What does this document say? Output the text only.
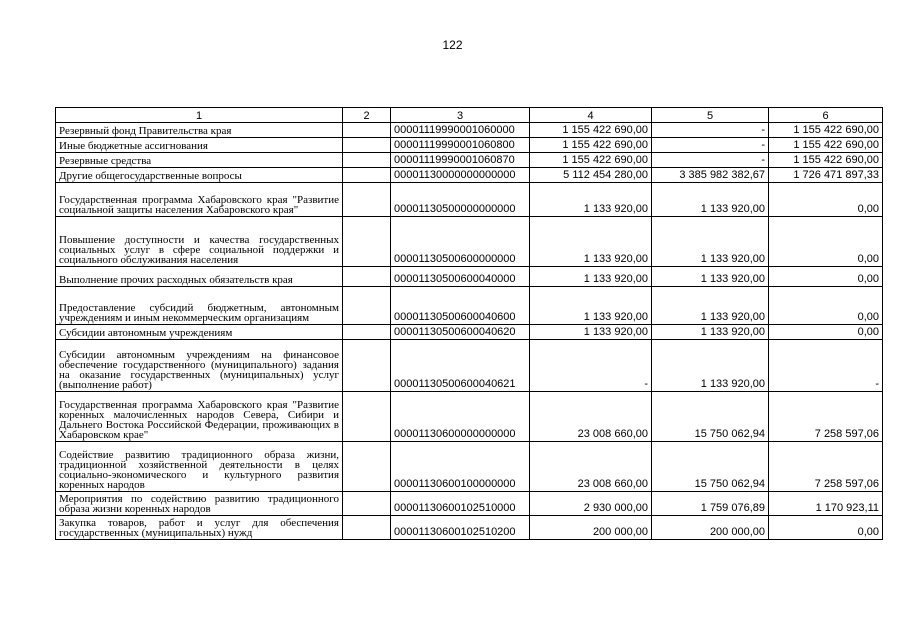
122
1	2	3	4	5	6
Резервный фонд Правительства края		00001119990001060000	1 155 422 690,00	-	1 155 422 690,00
Иные бюджетные ассигнования		00001119990001060800	1 155 422 690,00	-	1 155 422 690,00
Резервные средства		00001119990001060870	1 155 422 690,00	-	1 155 422 690,00
Другие общегосударственные вопросы		00001130000000000000	5 112 454 280,00	3 385 982 382,67	1 726 471 897,33
Государственная программа Хабаровского края "Развитие социальной защиты населения Хабаровского края"		00001130500000000000	1 133 920,00	1 133 920,00	0,00
Повышение доступности и качества государственных социальных услуг в сфере социальной поддержки и социального обслуживания населения		00001130500600000000	1 133 920,00	1 133 920,00	0,00
Выполнение прочих расходных обязательств края		00001130500600040000	1 133 920,00	1 133 920,00	0,00
Предоставление субсидий бюджетным, автономным учреждениям и иным некоммерческим организациям		00001130500600040600	1 133 920,00	1 133 920,00	0,00
Субсидии автономным учреждениям		00001130500600040620	1 133 920,00	1 133 920,00	0,00
Субсидии автономным учреждениям на финансовое обеспечение государственного (муниципального) задания на оказание государственных (муниципальных) услуг (выполнение работ)		00001130500600040621	-	1 133 920,00	-
Государственная программа Хабаровского края "Развитие коренных малочисленных народов Севера, Сибири и Дальнего Востока Российской Федерации, проживающих в Хабаровском крае"		00001130600000000000	23 008 660,00	15 750 062,94	7 258 597,06
Содействие развитию традиционного образа жизни, традиционной хозяйственной деятельности в целях социально-экономического и культурного развития коренных народов		00001130600100000000	23 008 660,00	15 750 062,94	7 258 597,06
Мероприятия по содействию развитию традиционного образа жизни коренных народов		00001130600102510000	2 930 000,00	1 759 076,89	1 170 923,11
Закупка товаров, работ и услуг для обеспечения государственных (муниципальных) нужд		00001130600102510200	200 000,00	200 000,00	0,00
